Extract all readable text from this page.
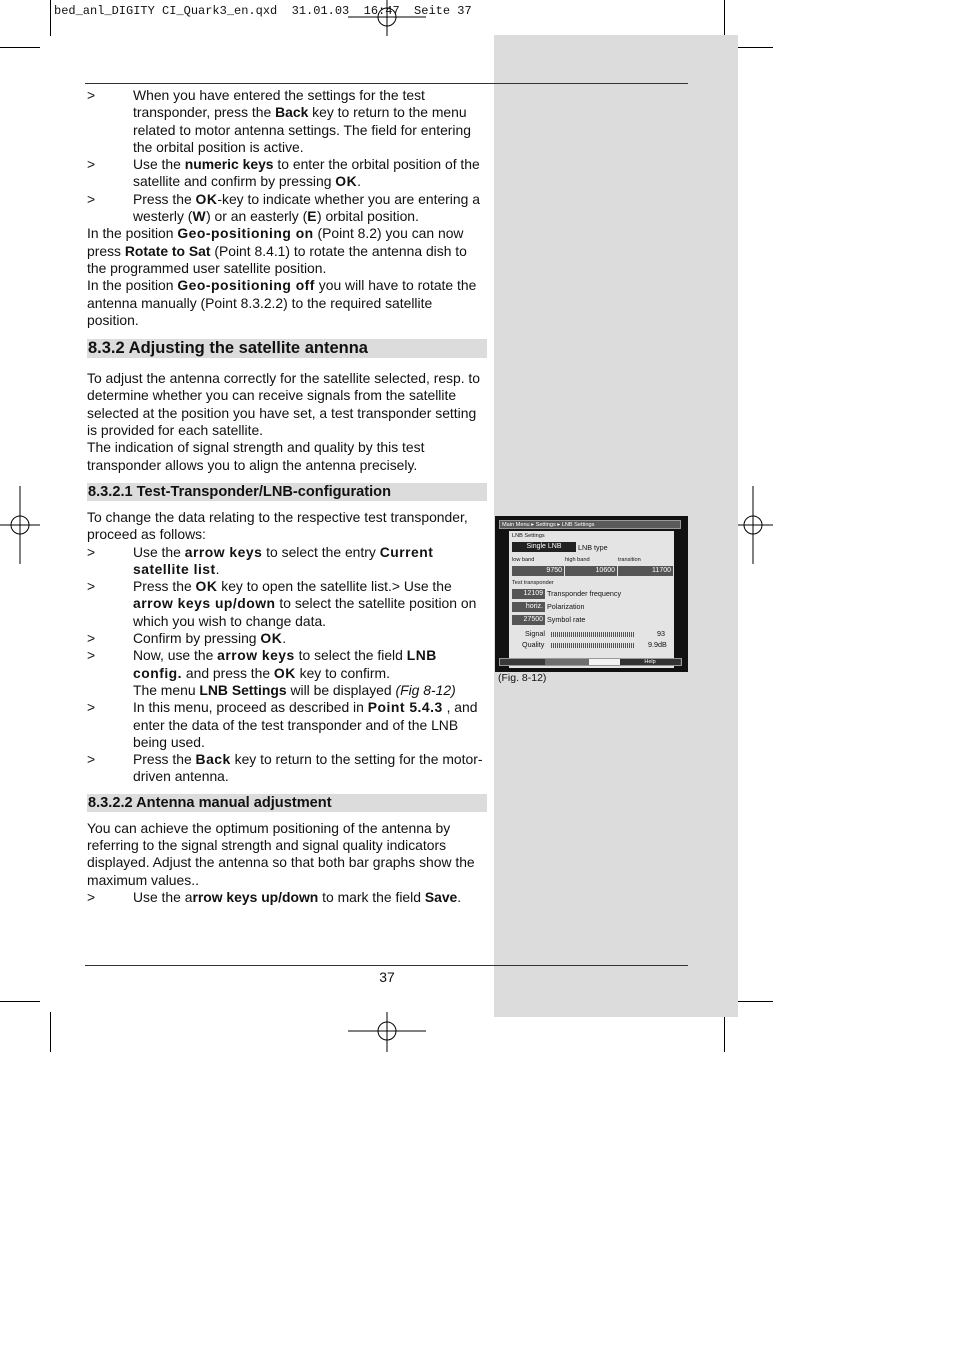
bed_anl_DIGITY CI_Quark3_en.qxd  31.01.03  16:47  Seite 37
>	When you have entered the settings for the test transponder, press the Back key to return to the menu related to motor antenna settings. The field for entering the orbital position is active.
>	Use the numeric keys to enter the orbital position of the satellite and confirm by pressing OK.
>	Press the OK-key to indicate whether you are entering a westerly (W) or an easterly (E) orbital position.

In the position Geo-positioning on (Point 8.2) you can now press Rotate to Sat (Point 8.4.1) to rotate the antenna dish to the programmed user satellite position.

In the position Geo-positioning off you will have to rotate the antenna manually (Point 8.3.2.2) to the required satellite position.

8.3.2 Adjusting the satellite antenna

To adjust the antenna correctly for the satellite selected, resp. to determine whether you can receive signals from the satellite selected at the position you have set, a test transponder setting is provided for each satellite.

The indication of signal strength and quality by this test transponder allows you to align the antenna precisely.

8.3.2.1 Test-Transponder/LNB-configuration

To change the data relating to the respective test transponder, proceed as follows:

>	Use the arrow keys to select the entry Current satellite list.
>	Press the OK key to open the satellite list.> Use the arrow keys up/down to select the satellite position on which you wish to change data.
>	Confirm by pressing OK.
>	Now, use the arrow keys to select the field LNB config. and press the OK key to confirm.
The menu LNB Settings will be displayed (Fig 8-12)
>	In this menu, proceed as described in Point 5.4.3 , and enter the data of the test transponder and of the LNB being used.
>	Press the Back key to return to the setting for the motor-driven antenna.
8.3.2.2 Antenna manual adjustment

You can achieve the optimum positioning of the antenna by referring to the signal strength and signal quality indicators displayed. Adjust the antenna so that both bar graphs show the maximum values..

>	Use the arrow keys up/down to mark the field Save.
37
Main Menu ▸ Settings ▸ LNB Settings
LNB Settings
Single LNB	LNB type
low band	high band	transition
9750	10600	11700
Test transponder
12109 Transponder frequency
horiz. Polarization
27500 Symbol rate
Signal	93
Quality	9.9dB
Help
(Fig. 8-12)
